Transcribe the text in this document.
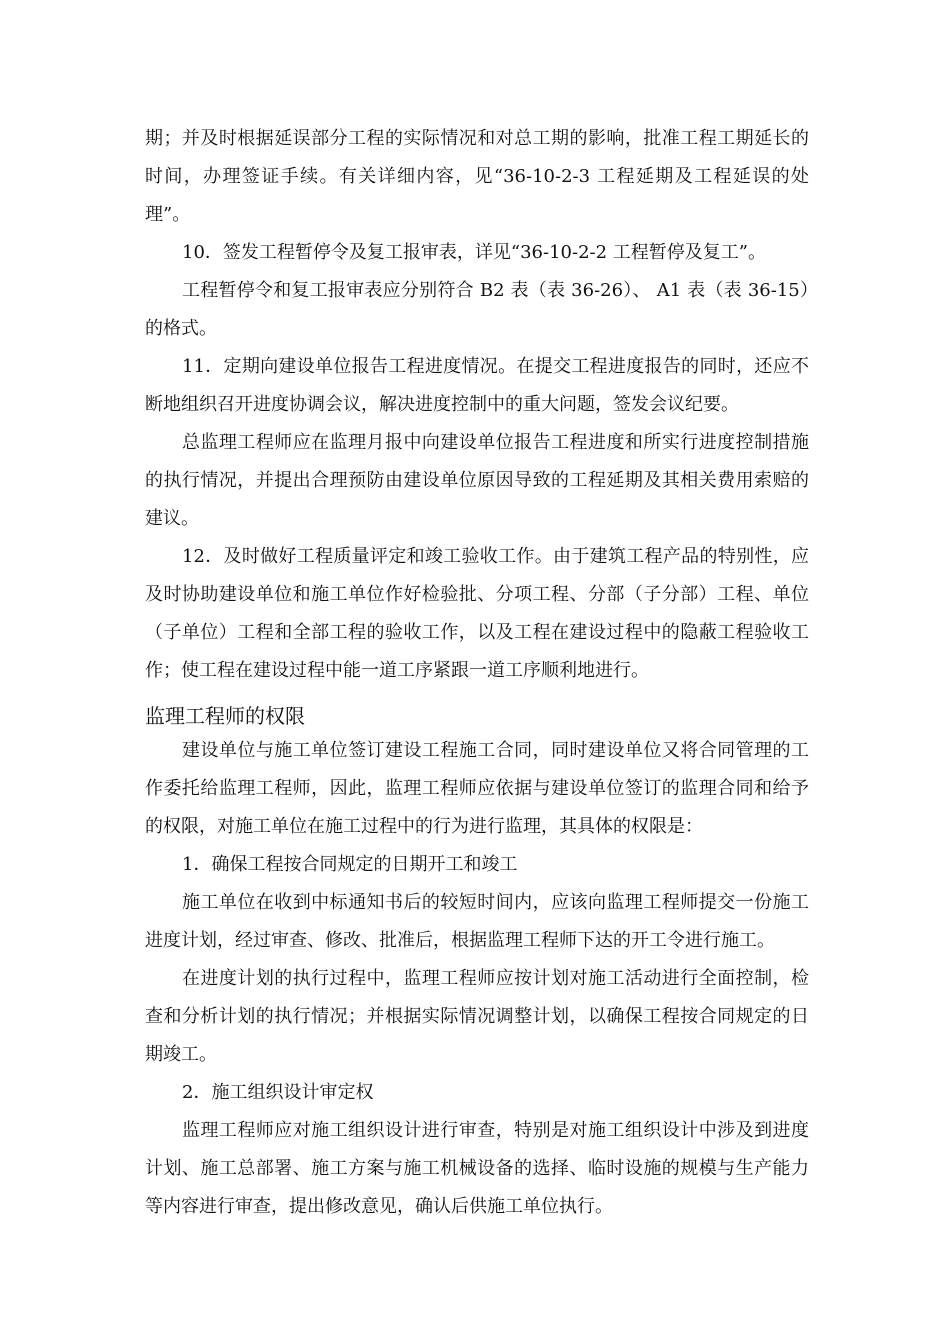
期；并及时根据延误部分工程的实际情况和对总工期的影响，批准工程工期延长的时间，办理签证手续。有关详细内容，见“36-10-2-3 工程延期及工程延误的处理”。

10．签发工程暂停令及复工报审表，详见“36-10-2-2 工程暂停及复工”。

工程暂停令和复工报审表应分别符合 B2 表（表 36-26）、 A1 表（表 36-15）的格式。

11．定期向建设单位报告工程进度情况。在提交工程进度报告的同时，还应不断地组织召开进度协调会议，解决进度控制中的重大问题，签发会议纪要。

总监理工程师应在监理月报中向建设单位报告工程进度和所实行进度控制措施的执行情况，并提出合理预防由建设单位原因导致的工程延期及其相关费用索赔的建议。

12．及时做好工程质量评定和竣工验收工作。由于建筑工程产品的特别性，应及时协助建设单位和施工单位作好检验批、分项工程、分部（子分部）工程、单位（子单位）工程和全部工程的验收工作，以及工程在建设过程中的隐蔽工程验收工作；使工程在建设过程中能一道工序紧跟一道工序顺利地进行。

监理工程师的权限

建设单位与施工单位签订建设工程施工合同，同时建设单位又将合同管理的工作委托给监理工程师，因此，监理工程师应依据与建设单位签订的监理合同和给予的权限，对施工单位在施工过程中的行为进行监理，其具体的权限是：

1．确保工程按合同规定的日期开工和竣工

施工单位在收到中标通知书后的较短时间内，应该向监理工程师提交一份施工进度计划，经过审查、修改、批准后，根据监理工程师下达的开工令进行施工。

在进度计划的执行过程中，监理工程师应按计划对施工活动进行全面控制，检查和分析计划的执行情况；并根据实际情况调整计划，以确保工程按合同规定的日期竣工。

2．施工组织设计审定权

监理工程师应对施工组织设计进行审查，特别是对施工组织设计中涉及到进度计划、施工总部署、施工方案与施工机械设备的选择、临时设施的规模与生产能力等内容进行审查，提出修改意见，确认后供施工单位执行。
